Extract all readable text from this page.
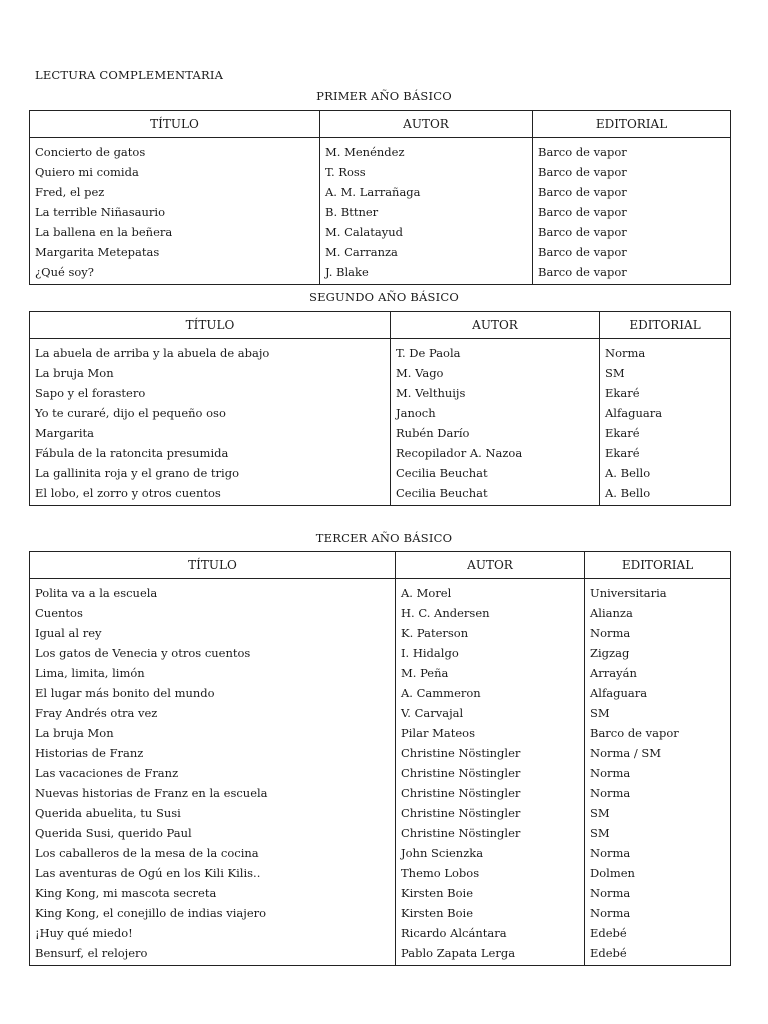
LECTURA COMPLEMENTARIA
PRIMER AÑO BÁSICO
TÍTULO	AUTOR	EDITORIAL
Concierto de gatos	M. Menéndez	Barco de vapor
Quiero mi comida	T. Ross	Barco de vapor
Fred, el pez	A. M. Larrañaga	Barco de vapor
La terrible Niñasaurio	B. Bttner	Barco de vapor
La ballena en la beñera	M. Calatayud	Barco de vapor
Margarita Metepatas	M. Carranza	Barco de vapor
¿Qué soy?	J. Blake	Barco de vapor
SEGUNDO AÑO BÁSICO
TÍTULO	AUTOR	EDITORIAL
La abuela de arriba y la abuela de abajo	T. De Paola	Norma
La bruja Mon	M. Vago	SM
Sapo y el forastero	M. Velthuijs	Ekaré
Yo te curaré, dijo el pequeño oso	Janoch	Alfaguara
Margarita	Rubén Darío	Ekaré
Fábula de la ratoncita presumida	Recopilador A. Nazoa	Ekaré
La gallinita roja y el grano de trigo	Cecilia Beuchat	A. Bello
El lobo, el zorro y otros cuentos	Cecilia Beuchat	A. Bello
TERCER AÑO BÁSICO
TÍTULO	AUTOR	EDITORIAL
Polita va a la escuela	A. Morel	Universitaria
Cuentos	H. C. Andersen	Alianza
Igual al rey	K. Paterson	Norma
Los gatos de Venecia y otros cuentos	I. Hidalgo	Zigzag
Lima, limita, limón	M. Peña	Arrayán
El lugar más bonito del mundo	A. Cammeron	Alfaguara
Fray Andrés otra vez	V. Carvajal	SM
La bruja Mon	Pilar Mateos	Barco de vapor
Historias de Franz	Christine Nöstingler	Norma / SM
Las vacaciones de Franz	Christine Nöstingler	Norma
Nuevas historias de Franz en la escuela	Christine Nöstingler	Norma
Querida abuelita, tu Susi	Christine Nöstingler	SM
Querida Susi, querido Paul	Christine Nöstingler	SM
Los caballeros de la mesa de la cocina	John Scienzka	Norma
Las aventuras de Ogú en los Kili Kilis..	Themo Lobos	Dolmen
King Kong, mi mascota secreta	Kirsten Boie	Norma
King Kong, el conejillo de indias viajero	Kirsten Boie	Norma
¡Huy qué miedo!	Ricardo Alcántara	Edebé
Bensurf, el relojero	Pablo Zapata Lerga	Edebé
